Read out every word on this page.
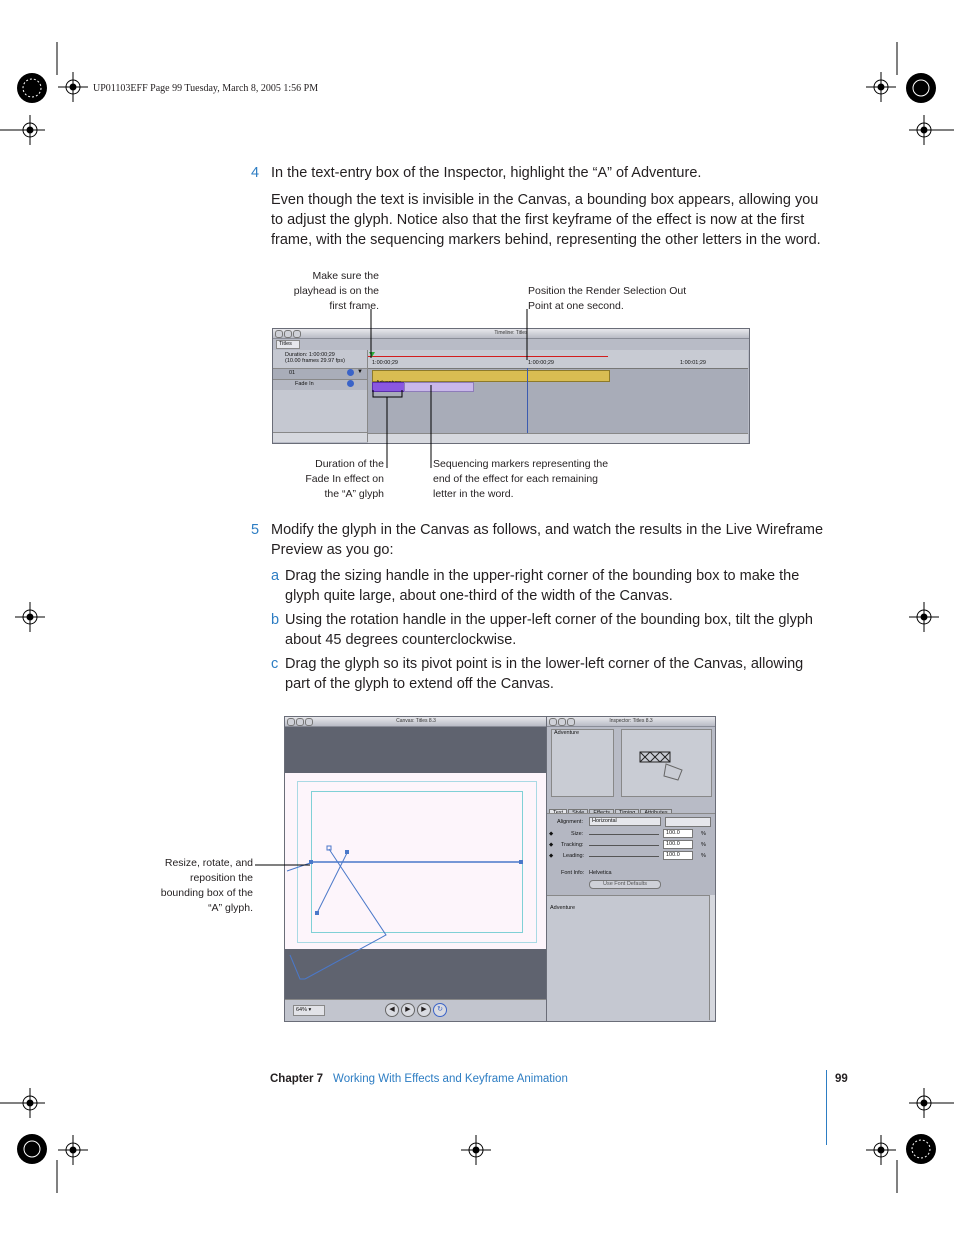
UP01103EFF Page 99 Tuesday, March 8, 2005 1:56 PM
4 In the text-entry box of the Inspector, highlight the “A” of Adventure.
Even though the text is invisible in the Canvas, a bounding box appears, allowing you to adjust the glyph. Notice also that the first keyframe of the effect is now at the first frame, with the sequencing markers behind, representing the other letters in the word.
Make sure the playhead is on the first frame.
Position the Render Selection Out Point at one second.
Duration of the Fade In effect on the “A” glyph
Sequencing markers representing the end of the effect for each remaining letter in the word.
Timeline: Titles
Titles
Duration: 1:00:00;29
(10.00 frames 29.97 fps)
01	▼
Fade In
1:00:00;29	1:00:00;29	1:00:01;29
5 Modify the glyph in the Canvas as follows, and watch the results in the Live Wireframe Preview as you go:
a Drag the sizing handle in the upper-right corner of the bounding box to make the glyph quite large, about one-third of the width of the Canvas.
b Using the rotation handle in the upper-left corner of the bounding box, tilt the glyph about 45 degrees counterclockwise.
c Drag the glyph so its pivot point is in the lower-left corner of the Canvas, allowing part of the glyph to extend off the Canvas.
Resize, rotate, and reposition the bounding box of the “A” glyph.
Canvas: Titles 8.3
64% ▾	◀	▶	▶	↻
Inspector: Titles 8.3
Adventure
Alignment:	Horizontal
◆	Size:	100.0	%
◆ Tracking:	100.0	%
◆ Leading:	100.0	%
Font Info: Helvetica
Use Font Defaults
Adventure
Chapter 7 Working With Effects and Keyframe Animation	99
